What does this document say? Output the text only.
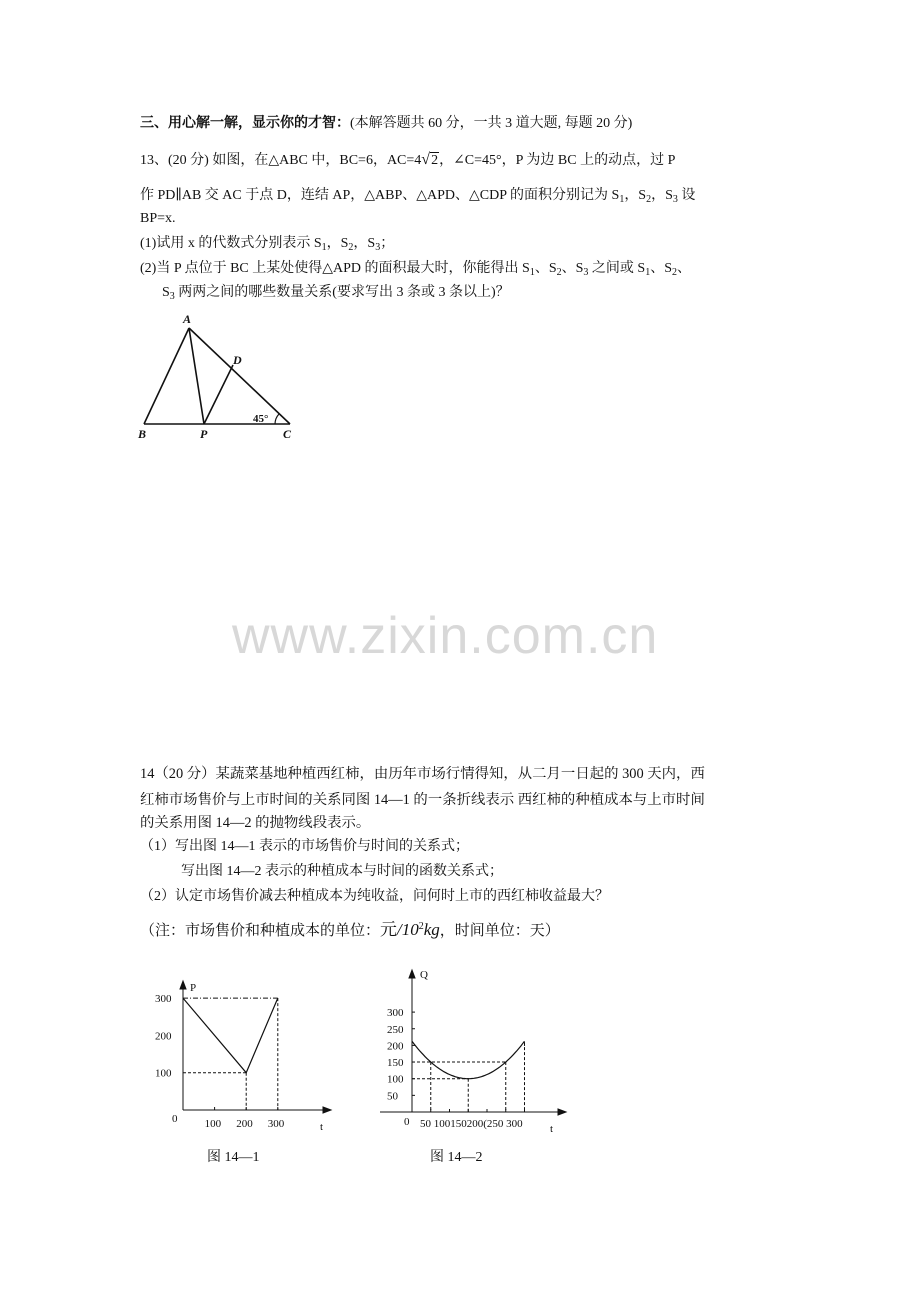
三、用心解一解，显示你的才智：(本解答题共 60 分，一共 3 道大题, 每题 20 分)
13、(20 分) 如图，在△ABC 中，BC=6，AC=4√2，∠C=45°，P 为边 BC 上的动点，过 P
作 PD∥AB 交 AC 于点 D，连结 AP，△ABP、△APD、△CDP 的面积分别记为 $S_1$，$S_2$，$S_3$ 设
BP=x.
(1)试用 x 的代数式分别表示 $S_1$，$S_2$，$S_3$；
(2)当 P 点位于 BC 上某处使得△APD 的面积最大时，你能得出 $S_1$、$S_2$、$S_3$ 之间或 $S_1$、$S_2$、
$S_3$ 两两之间的哪些数量关系(要求写出 3 条或 3 条以上)？
A
B	C
D
P
45°
www.zixin.com.cn
14（20 分）某蔬菜基地种植西红柿，由历年市场行情得知，从二月一日起的 300 天内，西
红柿市场售价与上市时间的关系同图 14—1 的一条折线表示 西红柿的种植成本与上市时间
的关系用图 14—2 的抛物线段表示。
（1）写出图 14—1 表示的市场售价与时间的关系式；
写出图 14—2 表示的种植成本与时间的函数关系式；
（2）认定市场售价减去种植成本为纯收益，问何时上市的西红柿收益最大？
（注：市场售价和种植成本的单位：元$/10^2kg$，时间单位：天）
300
200
100
100 200 300
P
t
0
图 14—1
300
250
200
150
100
50
Q
t
0 50 100150200(250 300
图 14—2
